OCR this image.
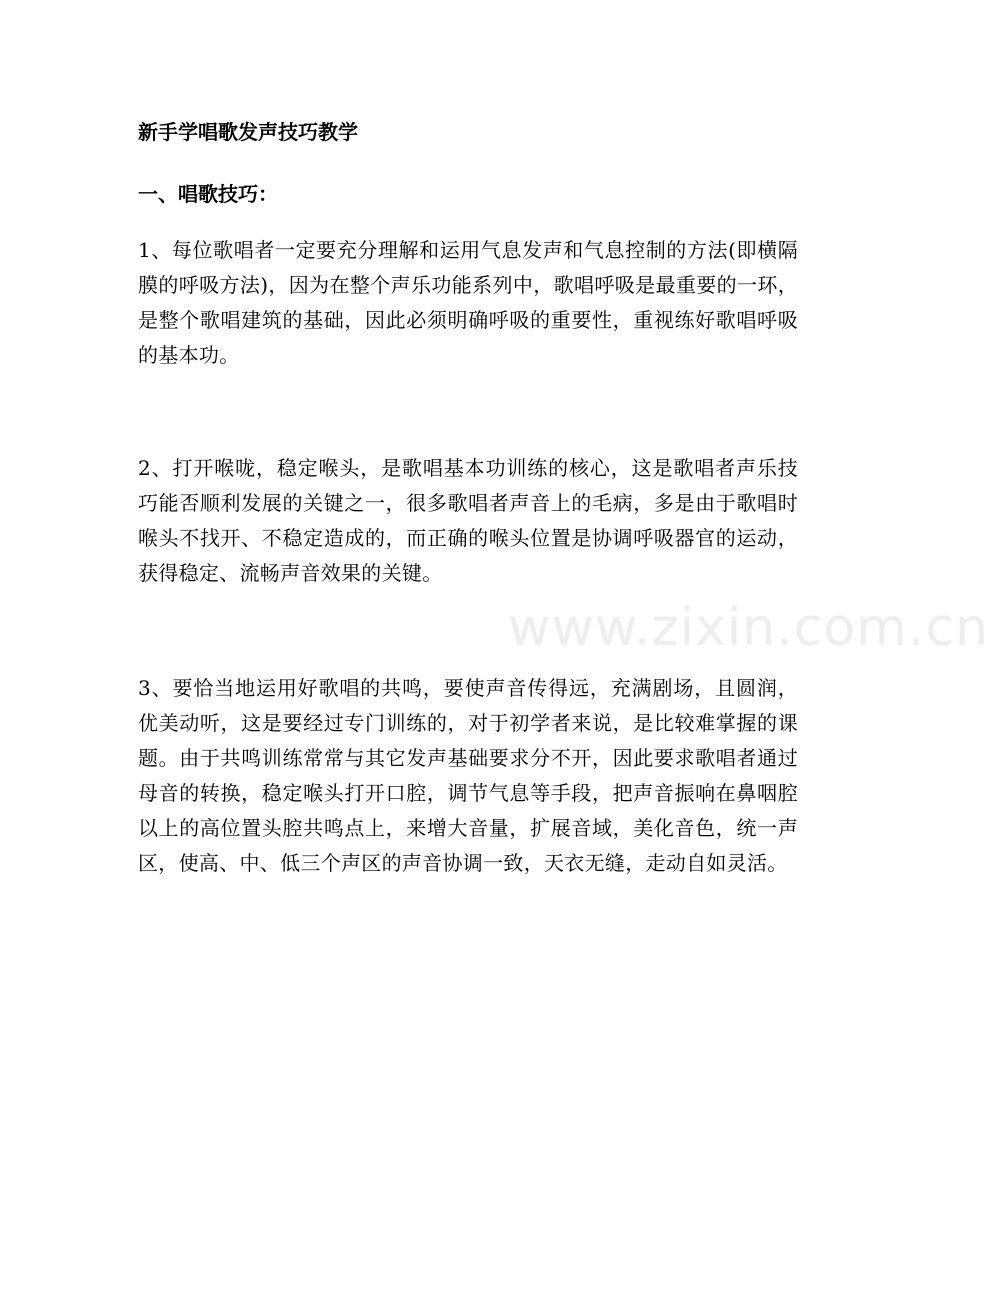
新手学唱歌发声技巧教学

一、唱歌技巧：

1、每位歌唱者一定要充分理解和运用气息发声和气息控制的方法(即横隔膜的呼吸方法)，因为在整个声乐功能系列中，歌唱呼吸是最重要的一环，是整个歌唱建筑的基础，因此必须明确呼吸的重要性，重视练好歌唱呼吸的基本功。

2、打开喉咙，稳定喉头，是歌唱基本功训练的核心，这是歌唱者声乐技巧能否顺利发展的关键之一，很多歌唱者声音上的毛病，多是由于歌唱时喉头不找开、不稳定造成的，而正确的喉头位置是协调呼吸器官的运动，获得稳定、流畅声音效果的关键。

3、要恰当地运用好歌唱的共鸣，要使声音传得远，充满剧场，且圆润，优美动听，这是要经过专门训练的，对于初学者来说，是比较难掌握的课题。由于共鸣训练常常与其它发声基础要求分不开，因此要求歌唱者通过母音的转换，稳定喉头打开口腔，调节气息等手段，把声音振响在鼻咽腔以上的高位置头腔共鸣点上，来增大音量，扩展音域，美化音色，统一声区，使高、中、低三个声区的声音协调一致，天衣无缝，走动自如灵活。

www.zixin.com.cn
